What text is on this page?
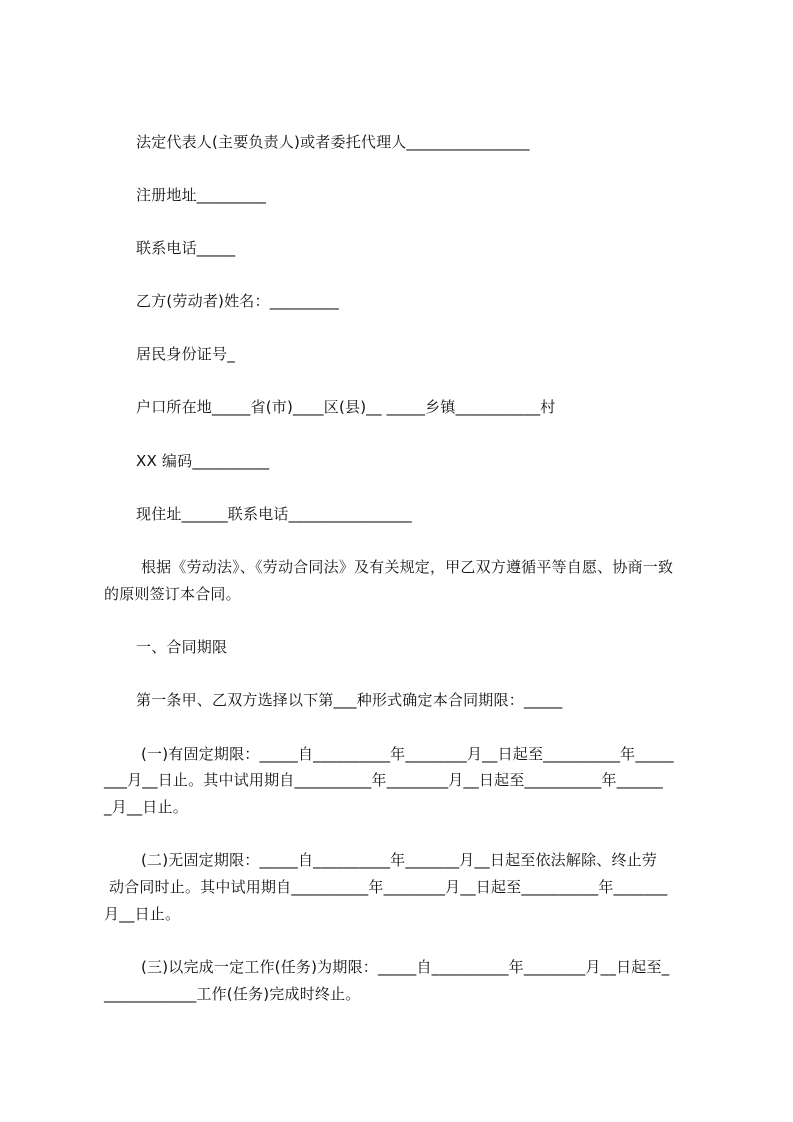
法定代表人(主要负责人)或者委托代理人________________
注册地址_________
联系电话_____
乙方(劳动者)姓名：_________
居民身份证号_
户口所在地_____省(市)____区(县)__ _____乡镇___________村
XX 编码__________
现住址______联系电话________________
根据《劳动法》、《劳动合同法》及有关规定，甲乙双方遵循平等自愿、协商一致
的原则签订本合同。
一、合同期限
第一条甲、乙双方选择以下第___种形式确定本合同期限：_____
(一)有固定期限：_____自__________年________月__日起至__________年_____
___月__日止。其中试用期自__________年________月__日起至__________年______
_月__日止。
(二)无固定期限：_____自__________年_______月__日起至依法解除、终止劳
动合同时止。其中试用期自__________年________月__日起至__________年_______
月__日止。
(三)以完成一定工作(任务)为期限：_____自__________年________月__日起至_
____________工作(任务)完成时终止。
